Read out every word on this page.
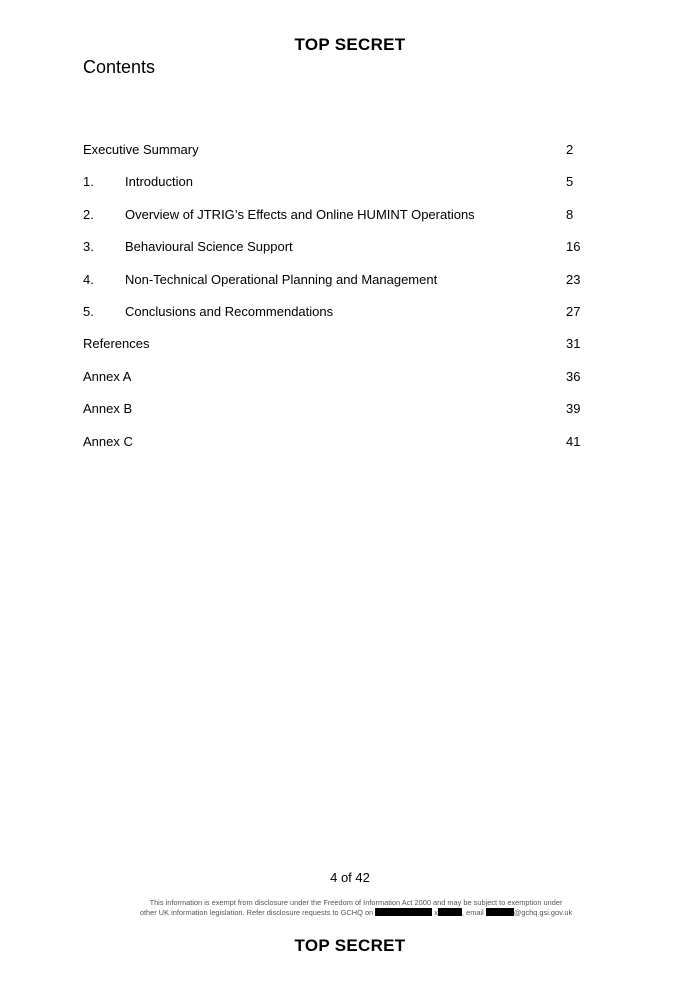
TOP SECRET
Contents
Executive Summary	2
1. Introduction	5
2. Overview of JTRIG’s Effects and Online HUMINT Operations	8
3. Behavioural Science Support	16
4. Non-Technical Operational Planning and Management	23
5. Conclusions and Recommendations	27
References	31
Annex A	36
Annex B	39
Annex C	41
4 of 42
This information is exempt from disclosure under the Freedom of Information Act 2000 and may be subject to exemption under
other UK information legislation. Refer disclosure requests to GCHQ on	x	, email	@gchq.gsi.gov.uk
TOP SECRET
